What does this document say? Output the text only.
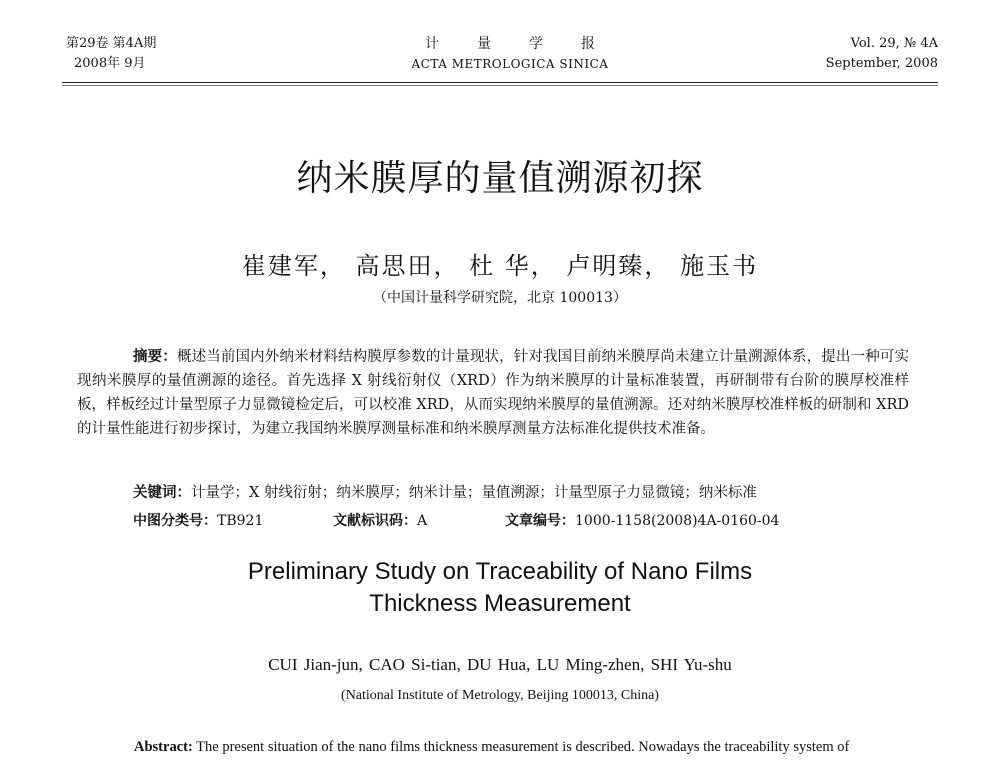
第29卷 第4A期
2008年 9月
计量学报
ACTA METROLOGICA SINICA
Vol. 29, № 4A
September, 2008
纳米膜厚的量值溯源初探
崔建军， 高思田， 杜 华， 卢明臻， 施玉书
（中国计量科学研究院，北京 100013）
摘要：概述当前国内外纳米材料结构膜厚参数的计量现状，针对我国目前纳米膜厚尚未建立计量溯源体系，提出一种可实现纳米膜厚的量值溯源的途径。首先选择 X 射线衍射仪（XRD）作为纳米膜厚的计量标准装置，再研制带有台阶的膜厚校准样板，样板经过计量型原子力显微镜检定后，可以校准 XRD，从而实现纳米膜厚的量值溯源。还对纳米膜厚校准样板的研制和 XRD 的计量性能进行初步探讨，为建立我国纳米膜厚测量标准和纳米膜厚测量方法标准化提供技术准备。
关键词：计量学；X 射线衍射；纳米膜厚；纳米计量；量值溯源；计量型原子力显微镜；纳米标准
中图分类号：TB921	文献标识码：A	文章编号：1000-1158(2008)4A-0160-04
Preliminary Study on Traceability of Nano Films
Thickness Measurement
CUI Jian-jun, CAO Si-tian, DU Hua, LU Ming-zhen, SHI Yu-shu
(National Institute of Metrology, Beijing 100013, China)
Abstract: The present situation of the nano films thickness measurement is described. Nowadays the traceability system of
